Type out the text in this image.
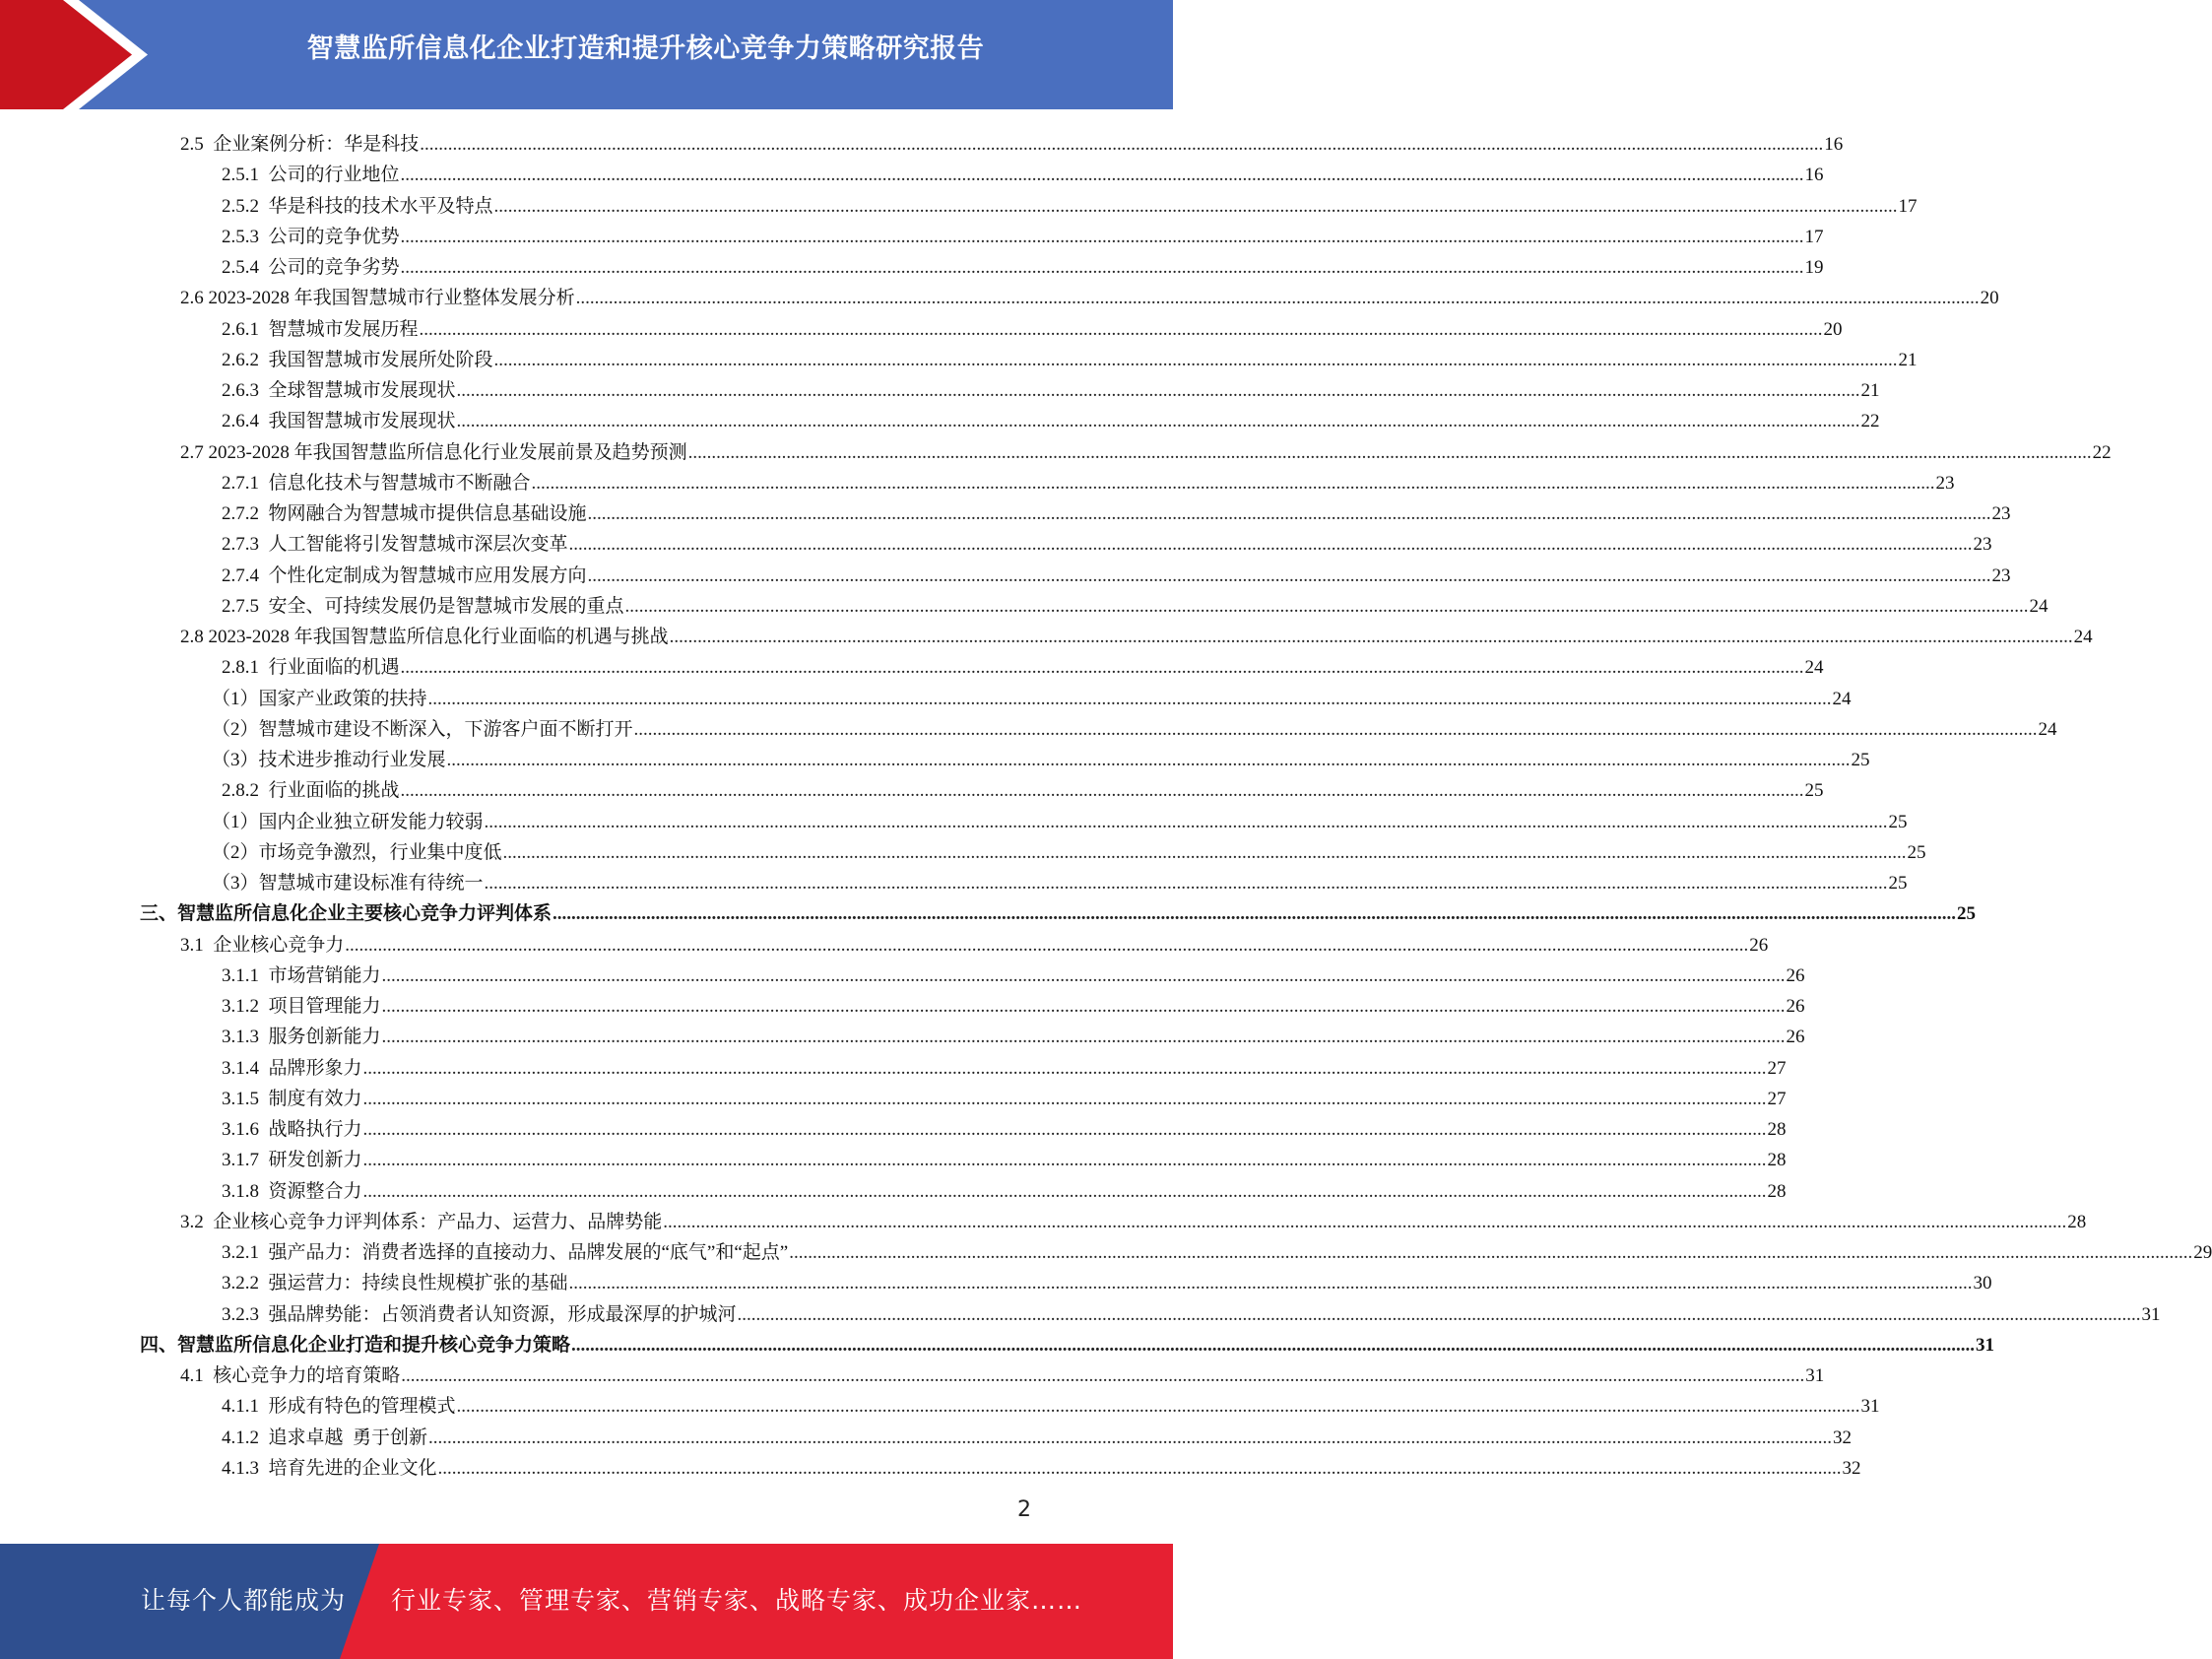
智慧监所信息化企业打造和提升核心竞争力策略研究报告
2.5  企业案例分析：华是科技 ............................................................................................................................................................................................................................................................................................................ 16
2.5.1  公司的行业地位 ............................................................................................................................................................................................................................................................................................................ 16
2.5.2  华是科技的技术水平及特点 ............................................................................................................................................................................................................................................................................................................ 17
2.5.3  公司的竞争优势 ............................................................................................................................................................................................................................................................................................................ 17
2.5.4  公司的竞争劣势 ............................................................................................................................................................................................................................................................................................................ 19
2.6 2023-2028 年我国智慧城市行业整体发展分析 ............................................................................................................................................................................................................................................................................................................ 20
2.6.1  智慧城市发展历程 ............................................................................................................................................................................................................................................................................................................ 20
2.6.2  我国智慧城市发展所处阶段 ............................................................................................................................................................................................................................................................................................................ 21
2.6.3  全球智慧城市发展现状 ............................................................................................................................................................................................................................................................................................................ 21
2.6.4  我国智慧城市发展现状 ............................................................................................................................................................................................................................................................................................................ 22
2.7 2023-2028 年我国智慧监所信息化行业发展前景及趋势预测 ............................................................................................................................................................................................................................................................................................................ 22
2.7.1  信息化技术与智慧城市不断融合 ............................................................................................................................................................................................................................................................................................................ 23
2.7.2  物网融合为智慧城市提供信息基础设施 ............................................................................................................................................................................................................................................................................................................ 23
2.7.3  人工智能将引发智慧城市深层次变革 ............................................................................................................................................................................................................................................................................................................ 23
2.7.4  个性化定制成为智慧城市应用发展方向 ............................................................................................................................................................................................................................................................................................................ 23
2.7.5  安全、可持续发展仍是智慧城市发展的重点 ............................................................................................................................................................................................................................................................................................................ 24
2.8 2023-2028 年我国智慧监所信息化行业面临的机遇与挑战 ............................................................................................................................................................................................................................................................................................................ 24
2.8.1  行业面临的机遇 ............................................................................................................................................................................................................................................................................................................ 24
（1）国家产业政策的扶持 ............................................................................................................................................................................................................................................................................................................ 24
（2）智慧城市建设不断深入，下游客户面不断打开 ............................................................................................................................................................................................................................................................................................................ 24
（3）技术进步推动行业发展 ............................................................................................................................................................................................................................................................................................................ 25
2.8.2  行业面临的挑战 ............................................................................................................................................................................................................................................................................................................ 25
（1）国内企业独立研发能力较弱 ............................................................................................................................................................................................................................................................................................................ 25
（2）市场竞争激烈，行业集中度低 ............................................................................................................................................................................................................................................................................................................ 25
（3）智慧城市建设标准有待统一 ............................................................................................................................................................................................................................................................................................................ 25
三、智慧监所信息化企业主要核心竞争力评判体系 ............................................................................................................................................................................................................................................................................................................ 25
3.1  企业核心竞争力 ............................................................................................................................................................................................................................................................................................................ 26
3.1.1  市场营销能力 ............................................................................................................................................................................................................................................................................................................ 26
3.1.2  项目管理能力 ............................................................................................................................................................................................................................................................................................................ 26
3.1.3  服务创新能力 ............................................................................................................................................................................................................................................................................................................ 26
3.1.4  品牌形象力 ............................................................................................................................................................................................................................................................................................................ 27
3.1.5  制度有效力 ............................................................................................................................................................................................................................................................................................................ 27
3.1.6  战略执行力 ............................................................................................................................................................................................................................................................................................................ 28
3.1.7  研发创新力 ............................................................................................................................................................................................................................................................................................................ 28
3.1.8  资源整合力 ............................................................................................................................................................................................................................................................................................................ 28
3.2  企业核心竞争力评判体系：产品力、运营力、品牌势能 ............................................................................................................................................................................................................................................................................................................ 28
3.2.1  强产品力：消费者选择的直接动力、品牌发展的“底气”和“起点” ............................................................................................................................................................................................................................................................................................................ 29
3.2.2  强运营力：持续良性规模扩张的基础 ............................................................................................................................................................................................................................................................................................................ 30
3.2.3  强品牌势能：占领消费者认知资源，形成最深厚的护城河 ............................................................................................................................................................................................................................................................................................................ 31
四、智慧监所信息化企业打造和提升核心竞争力策略 ............................................................................................................................................................................................................................................................................................................ 31
4.1  核心竞争力的培育策略 ............................................................................................................................................................................................................................................................................................................ 31
4.1.1  形成有特色的管理模式 ............................................................................................................................................................................................................................................................................................................ 31
4.1.2  追求卓越  勇于创新 ............................................................................................................................................................................................................................................................................................................ 32
4.1.3  培育先进的企业文化 ............................................................................................................................................................................................................................................................................................................ 32
2
让每个人都能成为 行业专家、管理专家、营销专家、战略专家、成功企业家……
